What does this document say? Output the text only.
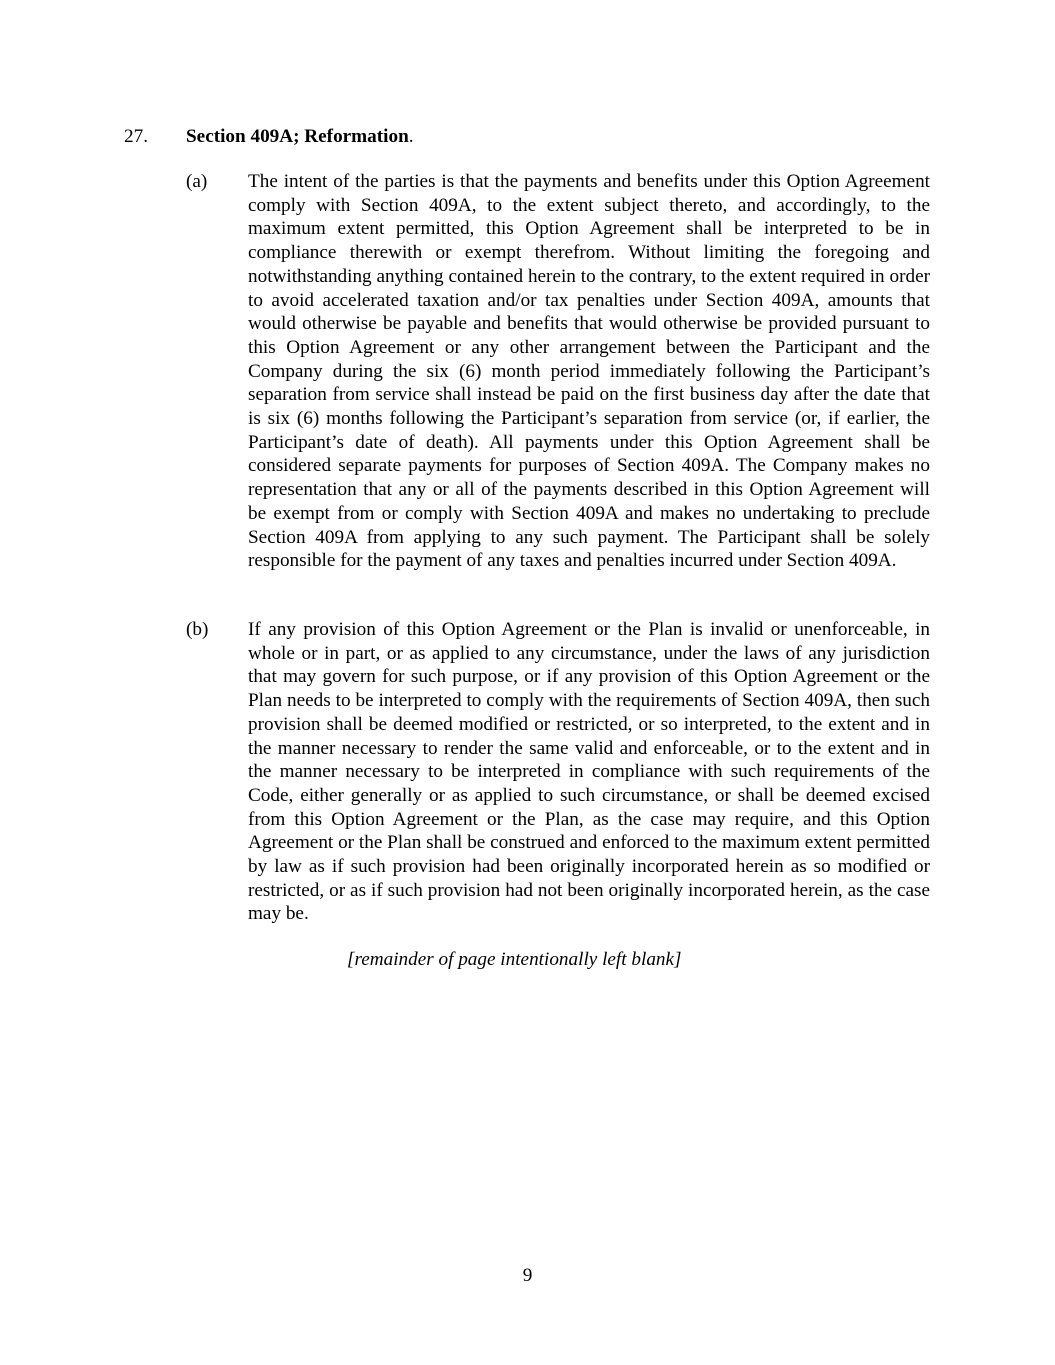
27. Section 409A; Reformation.
(a) The intent of the parties is that the payments and benefits under this Option Agreement comply with Section 409A, to the extent subject thereto, and accordingly, to the maximum extent permitted, this Option Agreement shall be interpreted to be in compliance therewith or exempt therefrom. Without limiting the foregoing and notwithstanding anything contained herein to the contrary, to the extent required in order to avoid accelerated taxation and/or tax penalties under Section 409A, amounts that would otherwise be payable and benefits that would otherwise be provided pursuant to this Option Agreement or any other arrangement between the Participant and the Company during the six (6) month period immediately following the Participant’s separation from service shall instead be paid on the first business day after the date that is six (6) months following the Participant’s separation from service (or, if earlier, the Participant’s date of death). All payments under this Option Agreement shall be considered separate payments for purposes of Section 409A. The Company makes no representation that any or all of the payments described in this Option Agreement will be exempt from or comply with Section 409A and makes no undertaking to preclude Section 409A from applying to any such payment. The Participant shall be solely responsible for the payment of any taxes and penalties incurred under Section 409A.
(b) If any provision of this Option Agreement or the Plan is invalid or unenforceable, in whole or in part, or as applied to any circumstance, under the laws of any jurisdiction that may govern for such purpose, or if any provision of this Option Agreement or the Plan needs to be interpreted to comply with the requirements of Section 409A, then such provision shall be deemed modified or restricted, or so interpreted, to the extent and in the manner necessary to render the same valid and enforceable, or to the extent and in the manner necessary to be interpreted in compliance with such requirements of the Code, either generally or as applied to such circumstance, or shall be deemed excised from this Option Agreement or the Plan, as the case may require, and this Option Agreement or the Plan shall be construed and enforced to the maximum extent permitted by law as if such provision had been originally incorporated herein as so modified or restricted, or as if such provision had not been originally incorporated herein, as the case may be.
[remainder of page intentionally left blank]
9
